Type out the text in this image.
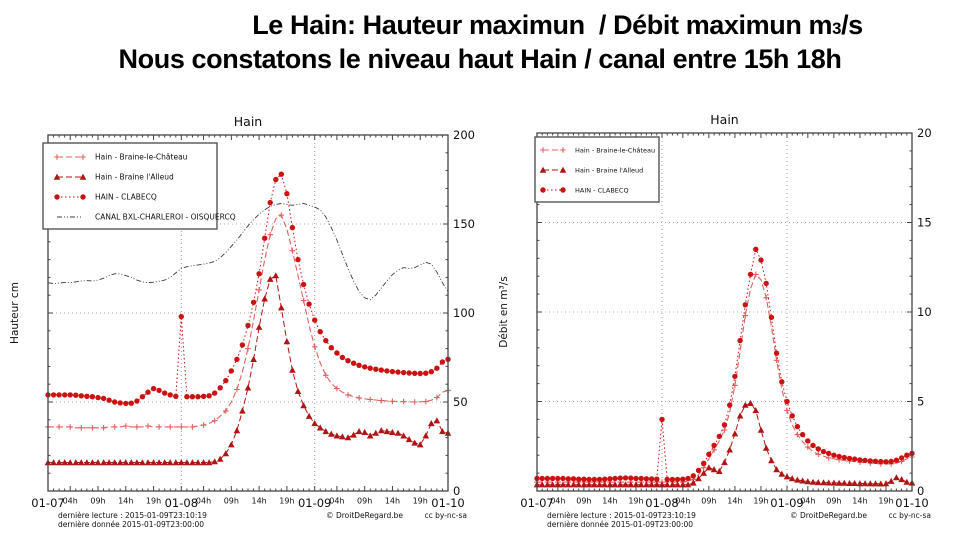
Le Hain: Hauteur maximun  / Débit maximun m3/s
Nous constatons le niveau haut Hain / canal entre 15h 18h
0
50
100
150
200
01-07
04h 09h 14h 19h 01-08
04h 09h 14h 19h 01-09
04h 09h 14h 19h 01-10
Hain
Hauteur cm
Hain - Braine-le-Château
Hain - Braine l'Alleud
HAIN - CLABECQ
CANAL BXL-CHARLEROI - OISQUERCQ
dernière lecture : 2015-01-09T23:10:19
dernière donnée 2015-01-09T23:00:00
© DroitDeRegard.be	cc by-nc-sa
0
5
10
15
20
01-07
04h 09h 14h 19h 01-08
04h 09h 14h 19h 01-09
04h 09h 14h 19h 01-10
Hain
Débit en m³/s
Hain - Braine-le-Château
Hain - Braine l'Alleud
HAIN - CLABECQ
dernière lecture : 2015-01-09T23:10:19
dernière donnée 2015-01-09T23:00:00
© DroitDeRegard.be	cc by-nc-sa
